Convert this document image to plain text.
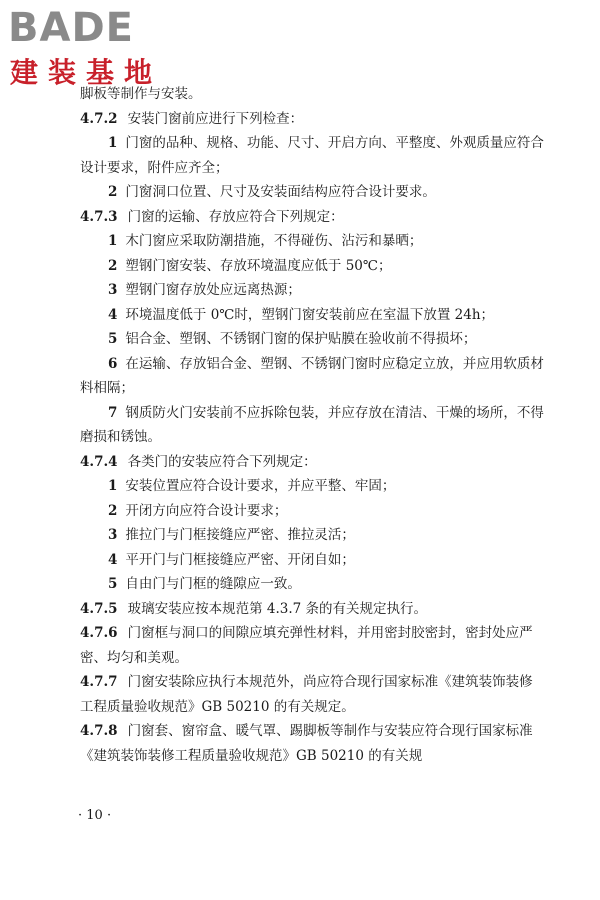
BADE
建装基地

脚板等制作与安装。

4.7.2 安装门窗前应进行下列检查：

1 门窗的品种、规格、功能、尺寸、开启方向、平整度、外观质量应符合设计要求，附件应齐全；

2 门窗洞口位置、尺寸及安装面结构应符合设计要求。

4.7.3 门窗的运输、存放应符合下列规定：

1 木门窗应采取防潮措施，不得碰伤、沾污和暴晒；

2 塑钢门窗安装、存放环境温度应低于 50℃；

3 塑钢门窗存放处应远离热源；

4 环境温度低于 0℃时，塑钢门窗安装前应在室温下放置 24h；

5 铝合金、塑钢、不锈钢门窗的保护贴膜在验收前不得损坏；

6 在运输、存放铝合金、塑钢、不锈钢门窗时应稳定立放，并应用软质材料相隔；

7 钢质防火门安装前不应拆除包装，并应存放在清洁、干燥的场所，不得磨损和锈蚀。

4.7.4 各类门的安装应符合下列规定：

1 安装位置应符合设计要求，并应平整、牢固；

2 开闭方向应符合设计要求；

3 推拉门与门框接缝应严密、推拉灵活；

4 平开门与门框接缝应严密、开闭自如；

5 自由门与门框的缝隙应一致。

4.7.5 玻璃安装应按本规范第 4.3.7 条的有关规定执行。

4.7.6 门窗框与洞口的间隙应填充弹性材料，并用密封胶密封，密封处应严密、均匀和美观。

4.7.7 门窗安装除应执行本规范外，尚应符合现行国家标准《建筑装饰装修工程质量验收规范》GB 50210 的有关规定。

4.7.8 门窗套、窗帘盒、暖气罩、踢脚板等制作与安装应符合现行国家标准《建筑装饰装修工程质量验收规范》GB 50210 的有关规

· 10 ·
